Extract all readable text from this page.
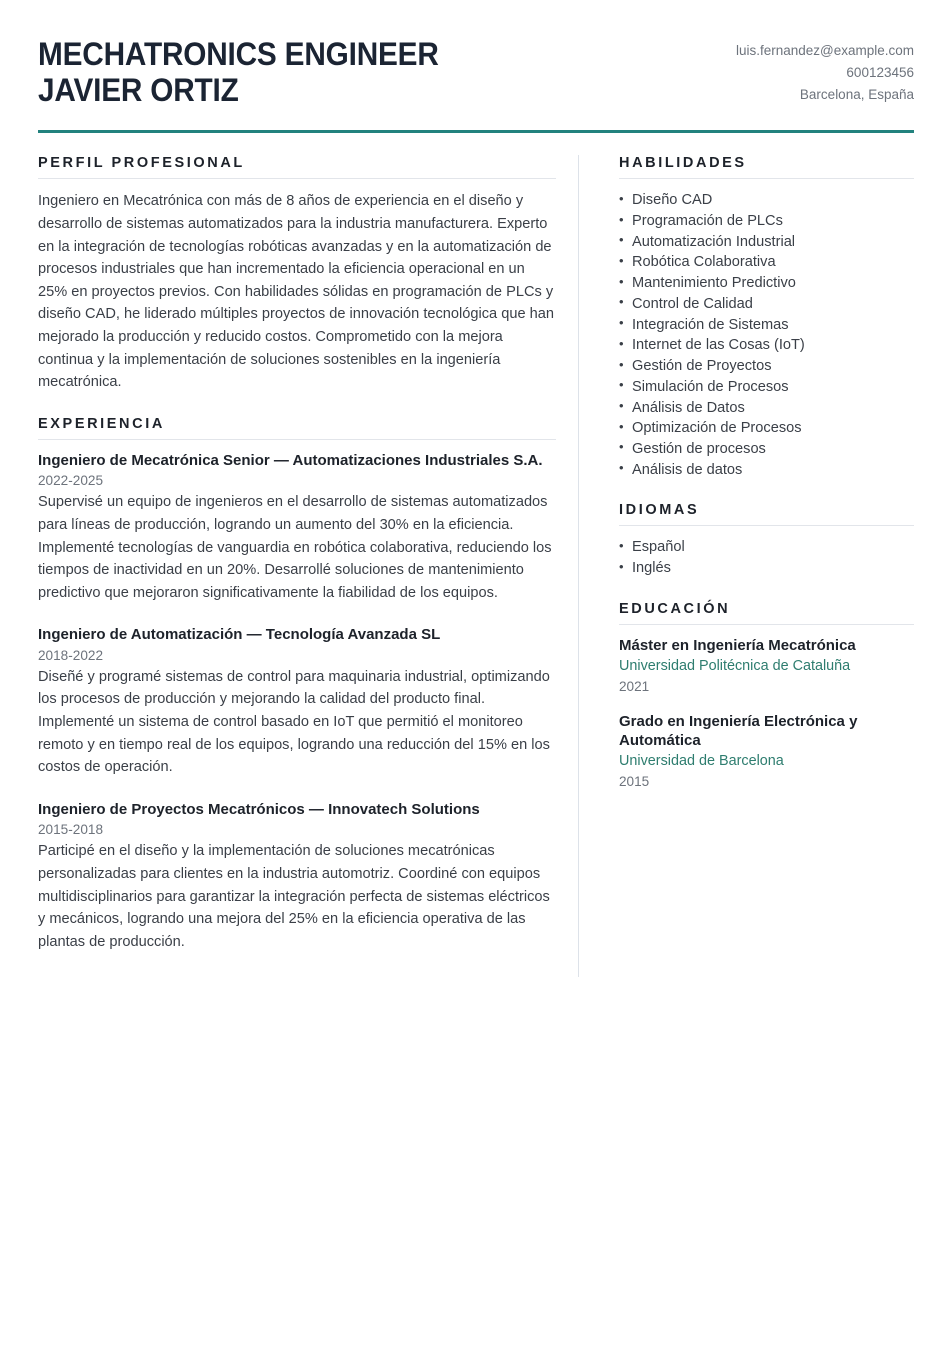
MECHATRONICS ENGINEER
JAVIER ORTIZ
luis.fernandez@example.com
600123456
Barcelona, España
PERFIL PROFESIONAL
Ingeniero en Mecatrónica con más de 8 años de experiencia en el diseño y desarrollo de sistemas automatizados para la industria manufacturera. Experto en la integración de tecnologías robóticas avanzadas y en la automatización de procesos industriales que han incrementado la eficiencia operacional en un 25% en proyectos previos. Con habilidades sólidas en programación de PLCs y diseño CAD, he liderado múltiples proyectos de innovación tecnológica que han mejorado la producción y reducido costos. Comprometido con la mejora continua y la implementación de soluciones sostenibles en la ingeniería mecatrónica.
EXPERIENCIA
Ingeniero de Mecatrónica Senior — Automatizaciones Industriales S.A.
2022-2025
Supervisé un equipo de ingenieros en el desarrollo de sistemas automatizados para líneas de producción, logrando un aumento del 30% en la eficiencia. Implementé tecnologías de vanguardia en robótica colaborativa, reduciendo los tiempos de inactividad en un 20%. Desarrollé soluciones de mantenimiento predictivo que mejoraron significativamente la fiabilidad de los equipos.
Ingeniero de Automatización — Tecnología Avanzada SL
2018-2022
Diseñé y programé sistemas de control para maquinaria industrial, optimizando los procesos de producción y mejorando la calidad del producto final. Implementé un sistema de control basado en IoT que permitió el monitoreo remoto y en tiempo real de los equipos, logrando una reducción del 15% en los costos de operación.
Ingeniero de Proyectos Mecatrónicos — Innovatech Solutions
2015-2018
Participé en el diseño y la implementación de soluciones mecatrónicas personalizadas para clientes en la industria automotriz. Coordiné con equipos multidisciplinarios para garantizar la integración perfecta de sistemas eléctricos y mecánicos, logrando una mejora del 25% en la eficiencia operativa de las plantas de producción.
HABILIDADES
• Diseño CAD
• Programación de PLCs
• Automatización Industrial
• Robótica Colaborativa
• Mantenimiento Predictivo
• Control de Calidad
• Integración de Sistemas
• Internet de las Cosas (IoT)
• Gestión de Proyectos
• Simulación de Procesos
• Análisis de Datos
• Optimización de Procesos
• Gestión de procesos
• Análisis de datos
IDIOMAS
• Español
• Inglés
EDUCACIÓN
Máster en Ingeniería Mecatrónica
Universidad Politécnica de Cataluña
2021
Grado en Ingeniería Electrónica y Automática
Universidad de Barcelona
2015
